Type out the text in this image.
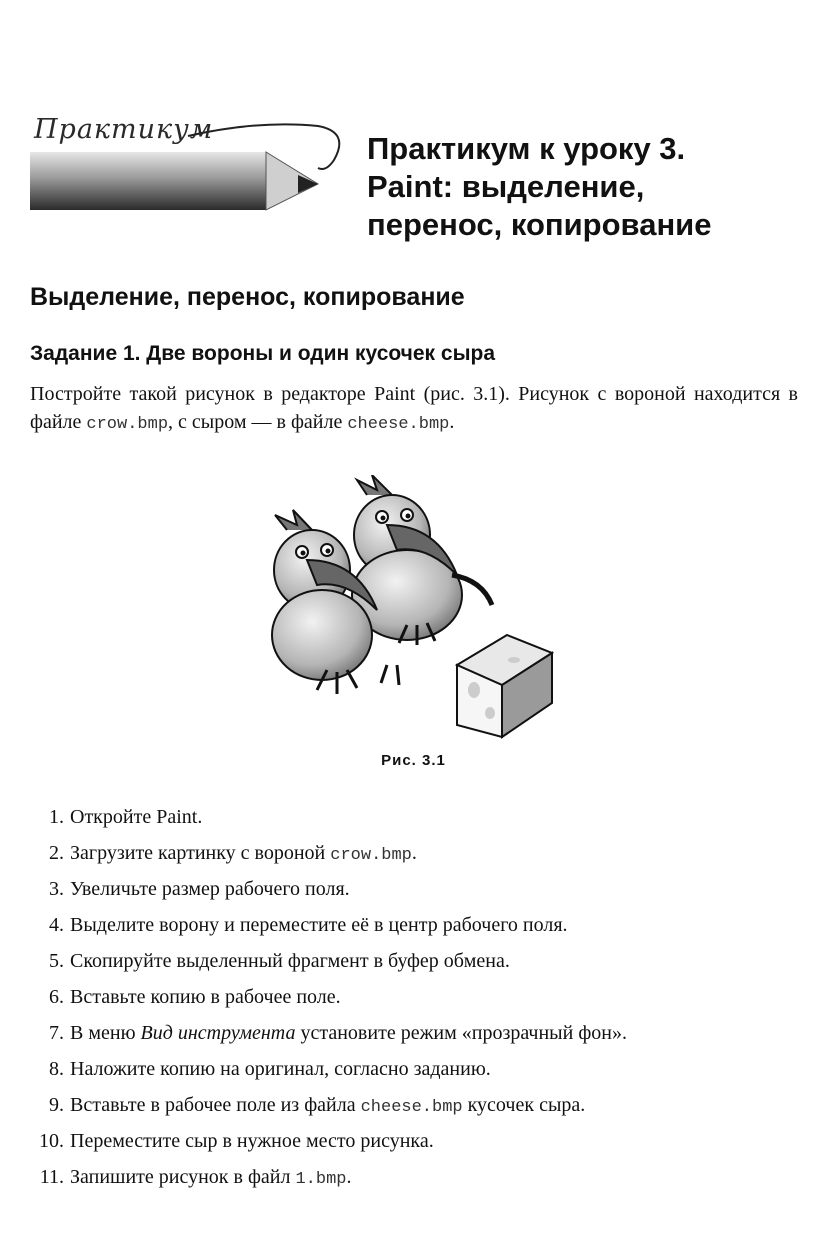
Практикум
Практикум к уроку 3.
Paint: выделение,
перенос, копирование
Выделение, перенос, копирование
Задание 1. Две вороны и один кусочек сыра
Постройте такой рисунок в редакторе Paint (рис. 3.1). Рисунок с вороной находится в файле crow.bmp, с сыром — в файле cheese.bmp.
Рис. 3.1
1. Откройте Paint.
2. Загрузите картинку с вороной crow.bmp.
3. Увеличьте размер рабочего поля.
4. Выделите ворону и переместите её в центр рабочего поля.
5. Скопируйте выделенный фрагмент в буфер обмена.
6. Вставьте копию в рабочее поле.
7. В меню Вид инструмента установите режим «прозрачный фон».
8. Наложите копию на оригинал, согласно заданию.
9. Вставьте в рабочее поле из файла cheese.bmp кусочек сыра.
10. Переместите сыр в нужное место рисунка.
11. Запишите рисунок в файл 1.bmp.
